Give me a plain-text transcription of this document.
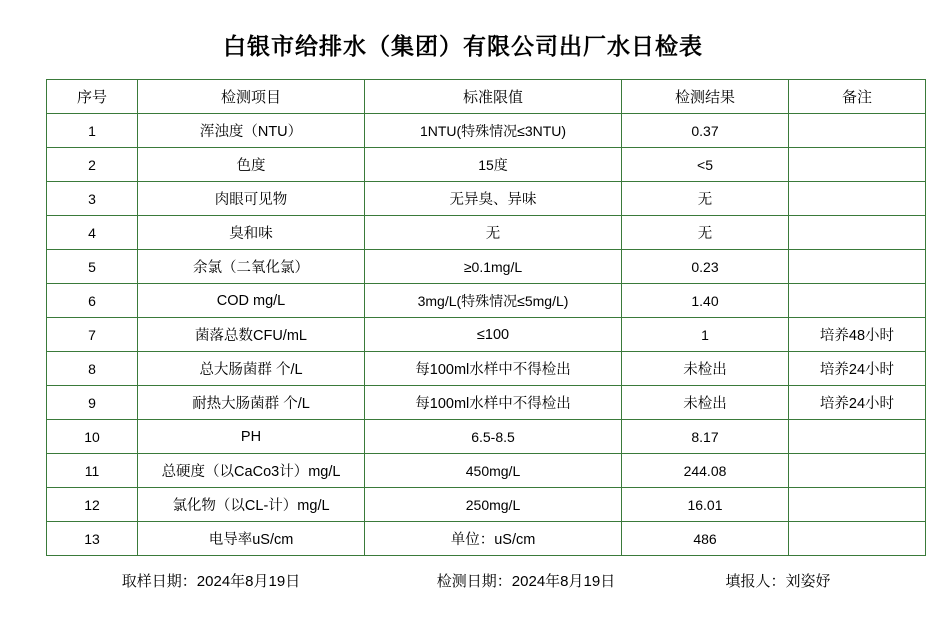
白银市给排水（集团）有限公司出厂水日检表
序号	检测项目	标准限值	检测结果	备注
1	浑浊度（NTU）	1NTU(特殊情况≤3NTU)	0.37	
2	色度	15度	<5	
3	肉眼可见物	无异臭、异味	无	
4	臭和味	无	无	
5	余氯（二氧化氯）	≥0.1mg/L	0.23	
6	COD mg/L	3mg/L(特殊情况≤5mg/L)	1.40	
7	菌落总数CFU/mL	≤100	1	培养48小时
8	总大肠菌群 个/L	每100ml水样中不得检出	未检出	培养24小时
9	耐热大肠菌群 个/L	每100ml水样中不得检出	未检出	培养24小时
10	PH	6.5-8.5	8.17	
11	总硬度（以CaCo3计）mg/L	450mg/L	244.08	
12	氯化物（以CL-计）mg/L	250mg/L	16.01	
13	电导率uS/cm	单位：uS/cm	486	
取样日期：2024年8月19日	检测日期：2024年8月19日	填报人：刘姿妤
